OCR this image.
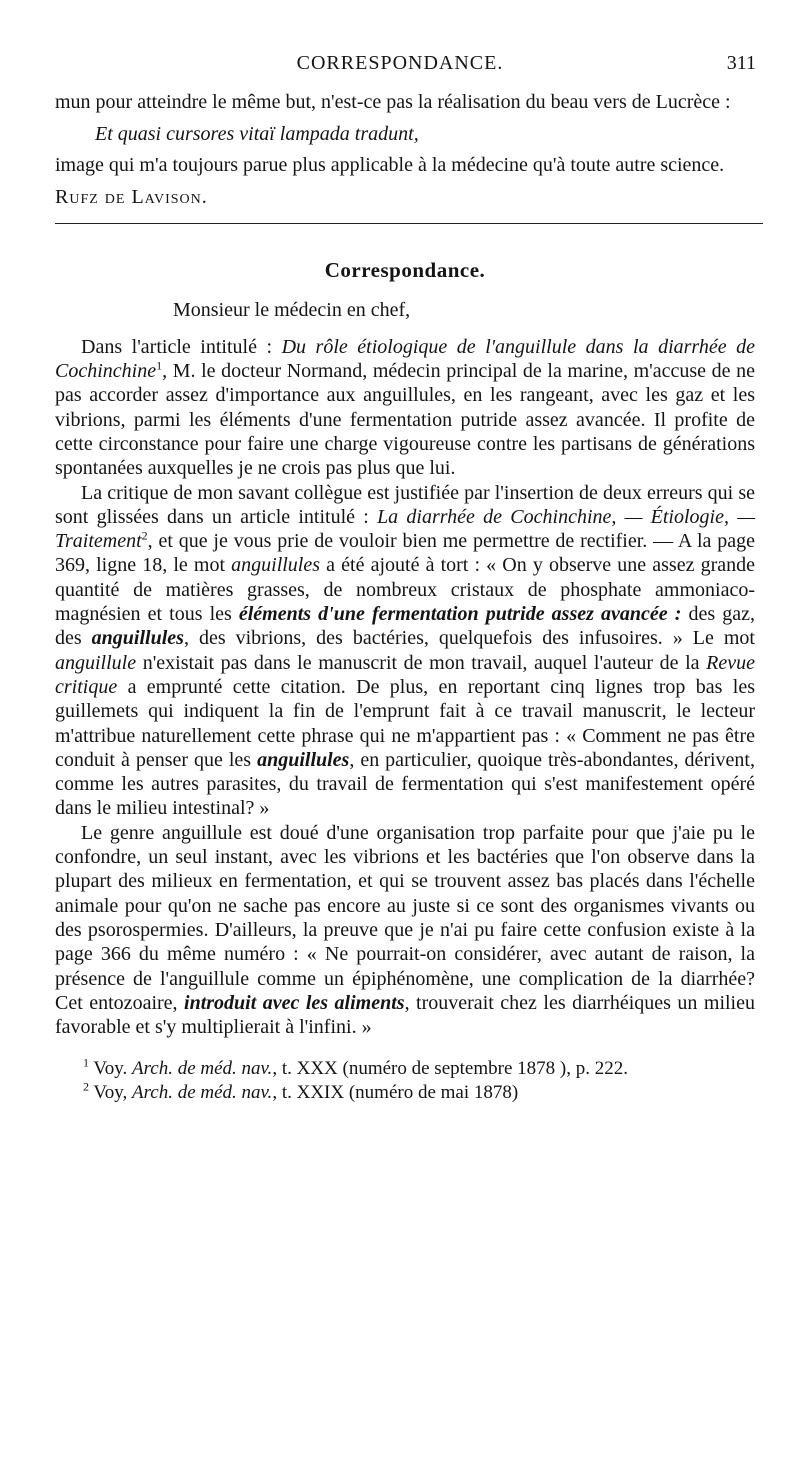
CORRESPONDANCE.	311

mun pour atteindre le même but, n'est-ce pas la réalisation du beau vers de Lucrèce :

Et quasi cursores vitaï lampada tradunt,

image qui m'a toujours parue plus applicable à la médecine qu'à toute autre science.

Rufz de Lavison.

Correspondance.

Monsieur le médecin en chef,

Dans l'article intitulé : Du rôle étiologique de l'anguillule dans la diarrhée de Cochinchine$^1$, M. le docteur Normand, médecin principal de la marine, m'accuse de ne pas accorder assez d'importance aux anguillules, en les rangeant, avec les gaz et les vibrions, parmi les éléments d'une fermentation putride assez avancée. Il profite de cette circonstance pour faire une charge vigoureuse contre les partisans de générations spontanées auxquelles je ne crois pas plus que lui.

La critique de mon savant collègue est justifiée par l'insertion de deux erreurs qui se sont glissées dans un article intitulé : La diarrhée de Cochinchine, — Étiologie, — Traitement$^2$, et que je vous prie de vouloir bien me permettre de rectifier. — A la page 369, ligne 18, le mot anguillules a été ajouté à tort : « On y observe une assez grande quantité de matières grasses, de nombreux cristaux de phosphate ammoniaco-magnésien et tous les éléments d'une fermentation putride assez avancée : des gaz, des anguillules, des vibrions, des bactéries, quelquefois des infusoires. » Le mot anguillule n'existait pas dans le manuscrit de mon travail, auquel l'auteur de la Revue critique a emprunté cette citation. De plus, en reportant cinq lignes trop bas les guillemets qui indiquent la fin de l'emprunt fait à ce travail manuscrit, le lecteur m'attribue naturellement cette phrase qui ne m'appartient pas : « Comment ne pas être conduit à penser que les anguillules, en particulier, quoique très-abondantes, dérivent, comme les autres parasites, du travail de fermentation qui s'est manifestement opéré dans le milieu intestinal? »

Le genre anguillule est doué d'une organisation trop parfaite pour que j'aie pu le confondre, un seul instant, avec les vibrions et les bactéries que l'on observe dans la plupart des milieux en fermentation, et qui se trouvent assez bas placés dans l'échelle animale pour qu'on ne sache pas encore au juste si ce sont des organismes vivants ou des psorospermies. D'ailleurs, la preuve que je n'ai pu faire cette confusion existe à la page 366 du même numéro : « Ne pourrait-on considérer, avec autant de raison, la présence de l'anguillule comme un épiphénomène, une complication de la diarrhée? Cet entozoaire, introduit avec les aliments, trouverait chez les diarrhéiques un milieu favorable et s'y multiplierait à l'infini. »

$^1$ Voy. Arch. de méd. nav., t. XXX (numéro de septembre 1878 ), p. 222.

$^2$ Voy, Arch. de méd. nav., t. XXIX (numéro de mai 1878)
